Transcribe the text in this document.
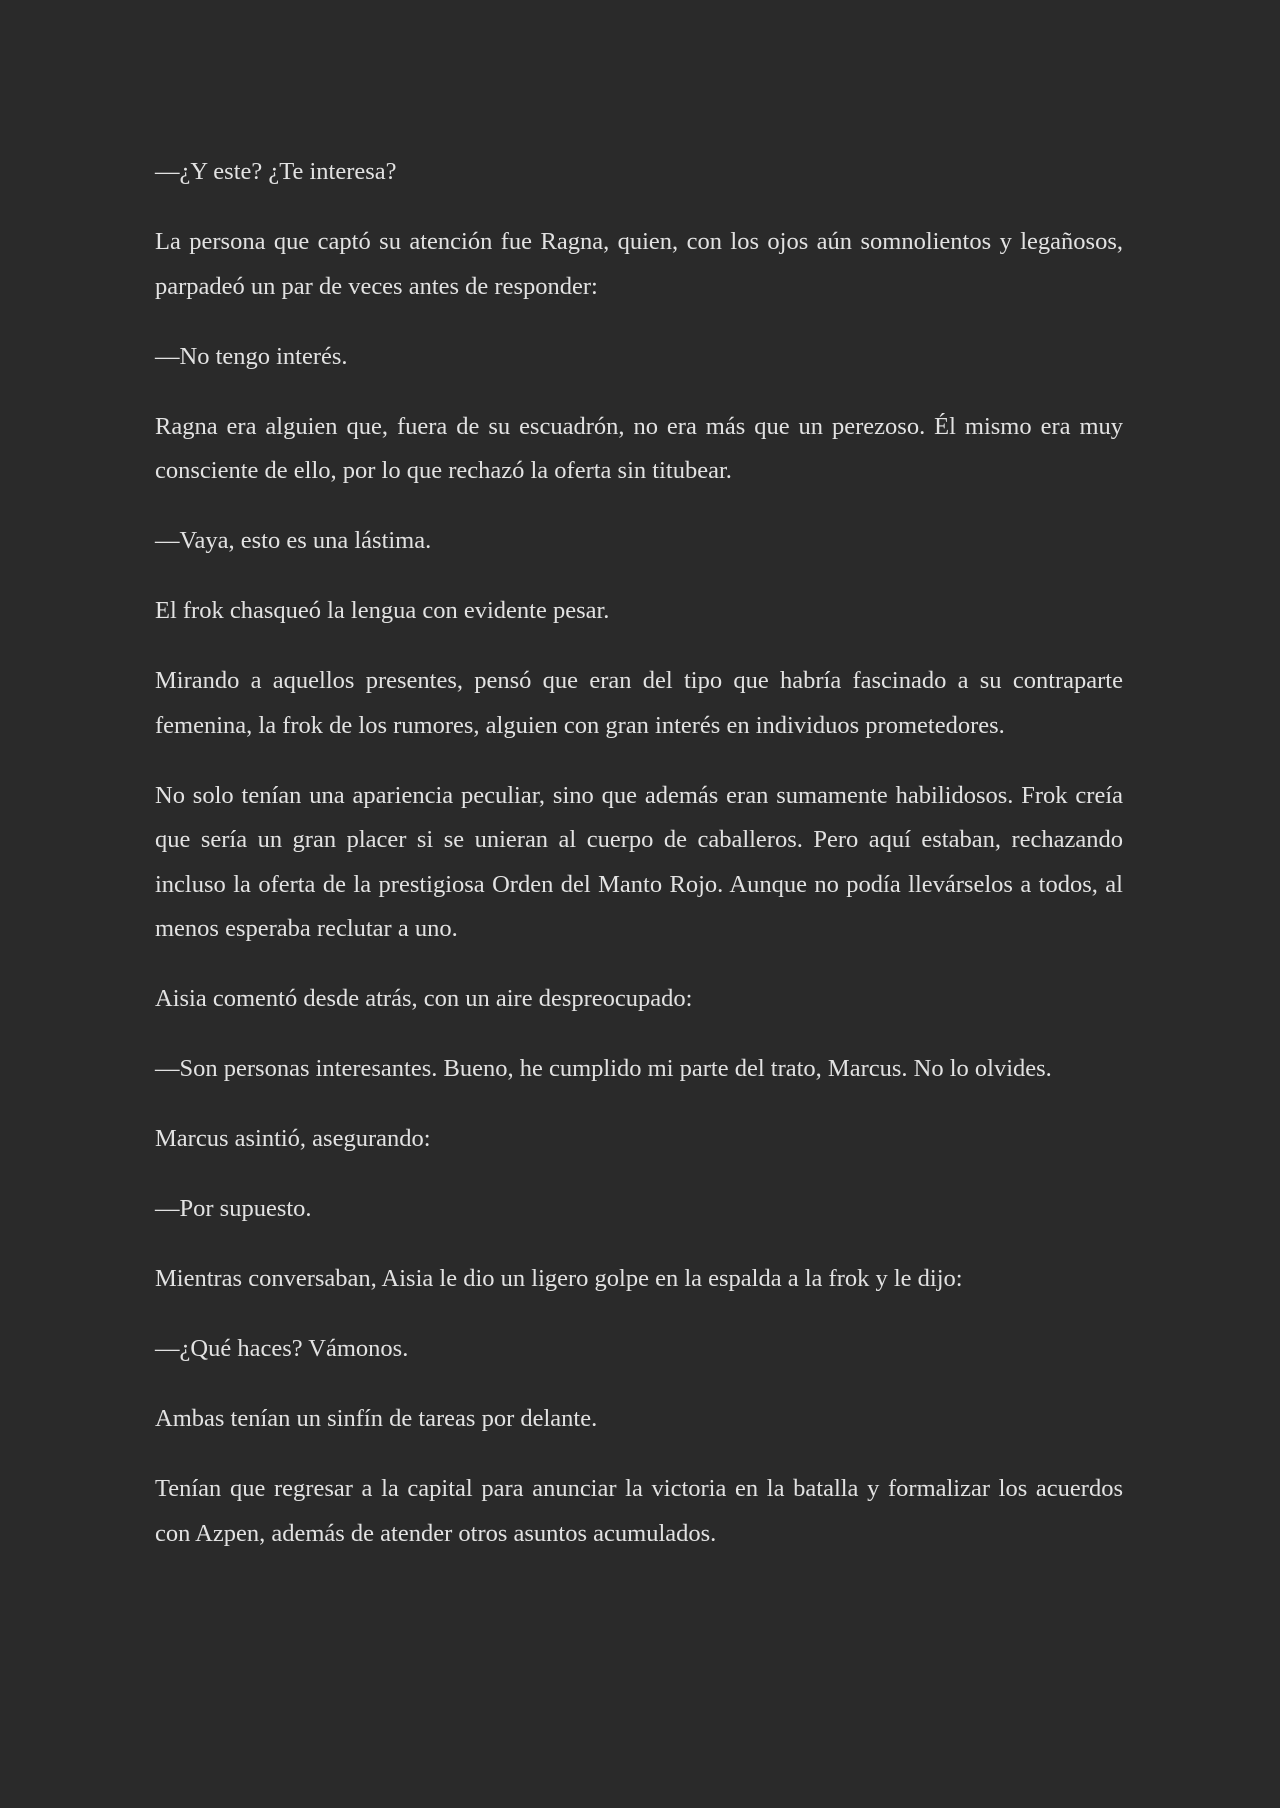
—¿Y este? ¿Te interesa?

La persona que captó su atención fue Ragna, quien, con los ojos aún somnolientos y legañosos, parpadeó un par de veces antes de responder:

—No tengo interés.

Ragna era alguien que, fuera de su escuadrón, no era más que un perezoso. Él mismo era muy consciente de ello, por lo que rechazó la oferta sin titubear.

—Vaya, esto es una lástima.

El frok chasqueó la lengua con evidente pesar.

Mirando a aquellos presentes, pensó que eran del tipo que habría fascinado a su contraparte femenina, la frok de los rumores, alguien con gran interés en individuos prometedores.

No solo tenían una apariencia peculiar, sino que además eran sumamente habilidosos. Frok creía que sería un gran placer si se unieran al cuerpo de caballeros. Pero aquí estaban, rechazando incluso la oferta de la prestigiosa Orden del Manto Rojo. Aunque no podía llevárselos a todos, al menos esperaba reclutar a uno.

Aisia comentó desde atrás, con un aire despreocupado:

—Son personas interesantes. Bueno, he cumplido mi parte del trato, Marcus. No lo olvides.

Marcus asintió, asegurando:

—Por supuesto.

Mientras conversaban, Aisia le dio un ligero golpe en la espalda a la frok y le dijo:

—¿Qué haces? Vámonos.

Ambas tenían un sinfín de tareas por delante.

Tenían que regresar a la capital para anunciar la victoria en la batalla y formalizar los acuerdos con Azpen, además de atender otros asuntos acumulados.
